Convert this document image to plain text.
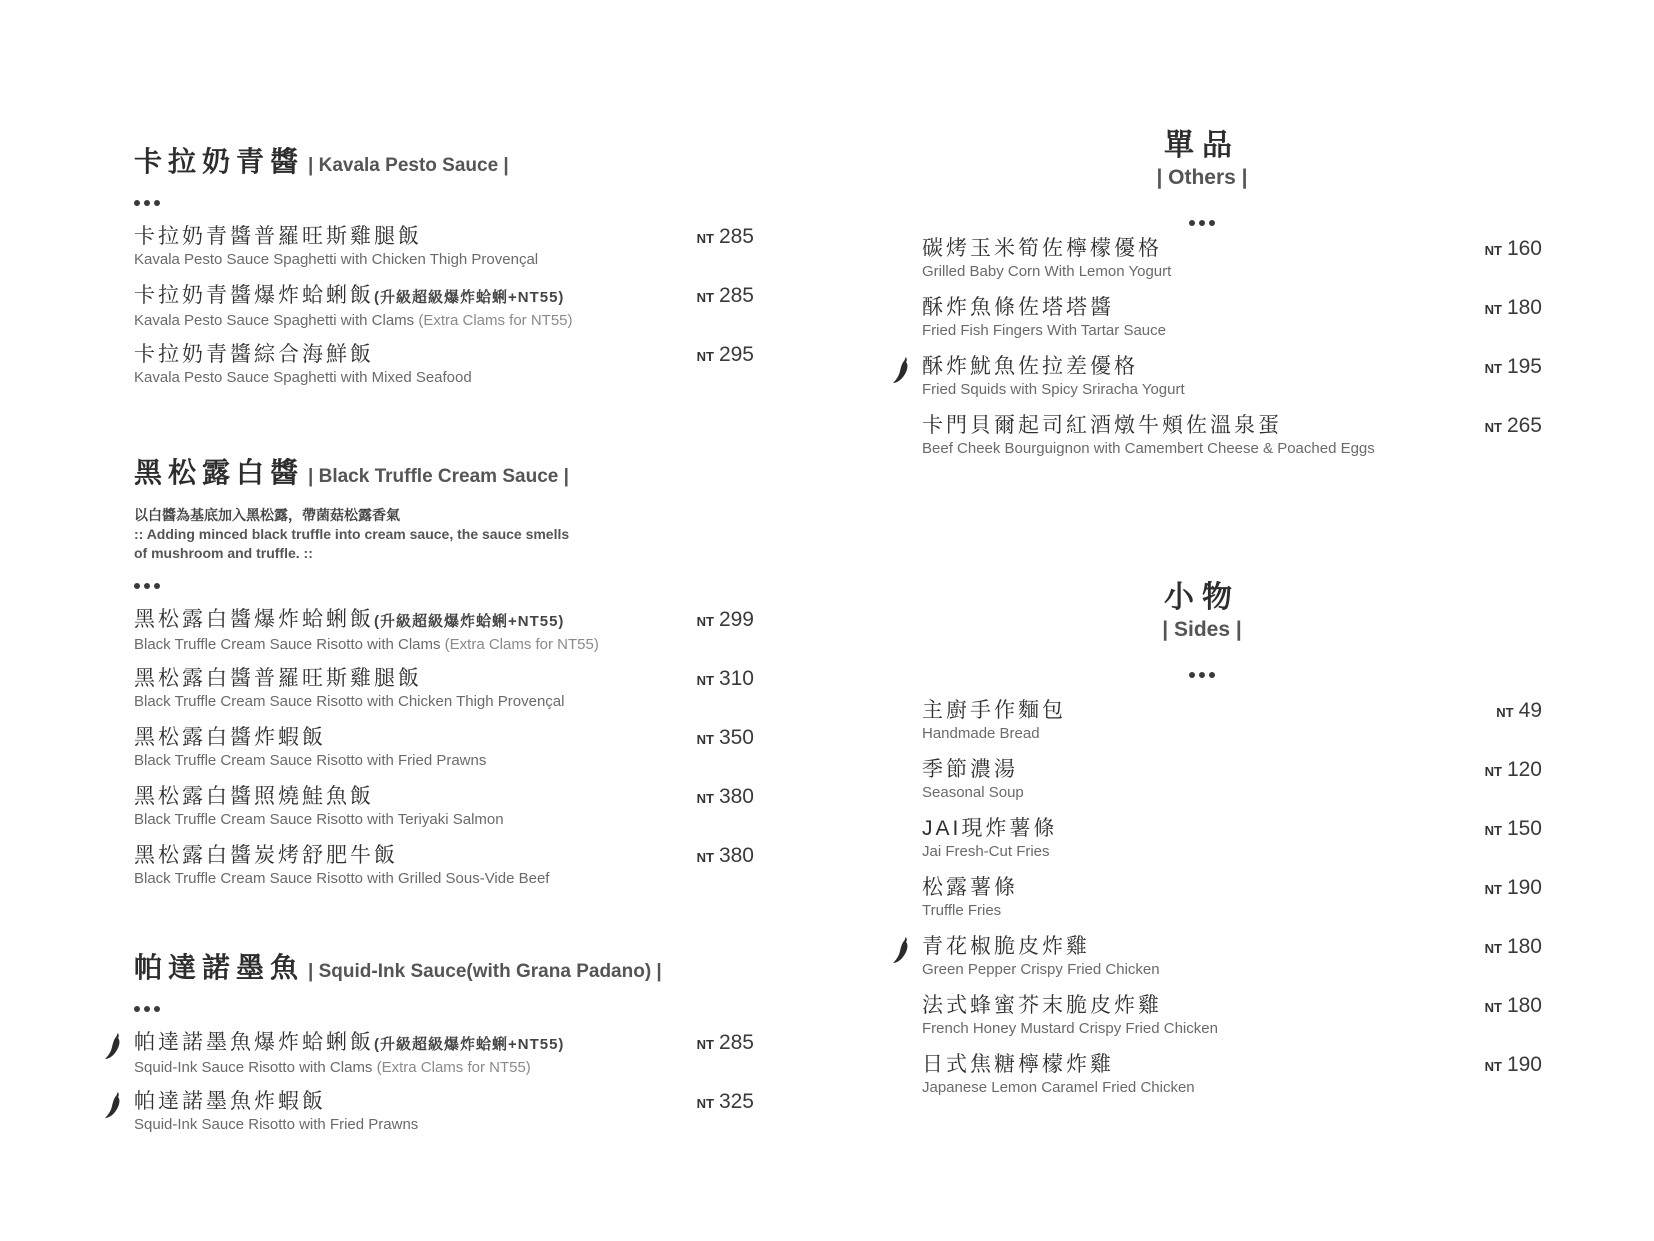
卡拉奶青醬 | Kavala Pesto Sauce |
卡拉奶青醬普羅旺斯雞腿飯
Kavala Pesto Sauce Spaghetti with Chicken Thigh Provençal
NT 285
卡拉奶青醬爆炸蛤蜊飯(升級超級爆炸蛤蜊+NT55)
Kavala Pesto Sauce Spaghetti with Clams (Extra Clams for NT55)
NT 285
卡拉奶青醬綜合海鮮飯
Kavala Pesto Sauce Spaghetti with Mixed Seafood
NT 295
黑松露白醬 | Black Truffle Cream Sauce |
以白醬為基底加入黑松露，帶菌菇松露香氣
:: Adding minced black truffle into cream sauce, the sauce smells of mushroom and truffle. ::
黑松露白醬爆炸蛤蜊飯(升級超級爆炸蛤蜊+NT55)
Black Truffle Cream Sauce Risotto with Clams (Extra Clams for NT55)
NT 299
黑松露白醬普羅旺斯雞腿飯
Black Truffle Cream Sauce Risotto with Chicken Thigh Provençal
NT 310
黑松露白醬炸蝦飯
Black Truffle Cream Sauce Risotto with Fried Prawns
NT 350
黑松露白醬照燒鮭魚飯
Black Truffle Cream Sauce Risotto with Teriyaki Salmon
NT 380
黑松露白醬炭烤舒肥牛飯
Black Truffle Cream Sauce Risotto with Grilled Sous-Vide Beef
NT 380
帕達諾墨魚 | Squid-Ink Sauce(with Grana Padano) |
帕達諾墨魚爆炸蛤蜊飯(升級超級爆炸蛤蜊+NT55)
Squid-Ink Sauce Risotto with Clams (Extra Clams for NT55)
NT 285
帕達諾墨魚炸蝦飯
Squid-Ink Sauce Risotto with Fried Prawns
NT 325
單品
| Others |
碳烤玉米筍佐檸檬優格
Grilled Baby Corn With Lemon Yogurt
NT 160
酥炸魚條佐塔塔醬
Fried Fish Fingers With Tartar Sauce
NT 180
酥炸魷魚佐拉差優格
Fried Squids with Spicy Sriracha Yogurt
NT 195
卡門貝爾起司紅酒燉牛頰佐溫泉蛋
Beef Cheek Bourguignon with Camembert Cheese & Poached Eggs
NT 265
小物
| Sides |
主廚手作麵包
Handmade Bread
NT 49
季節濃湯
Seasonal Soup
NT 120
JAI現炸薯條
Jai Fresh-Cut Fries
NT 150
松露薯條
Truffle Fries
NT 190
青花椒脆皮炸雞
Green Pepper Crispy Fried Chicken
NT 180
法式蜂蜜芥末脆皮炸雞
French Honey Mustard Crispy Fried Chicken
NT 180
日式焦糖檸檬炸雞
Japanese Lemon Caramel Fried Chicken
NT 190
